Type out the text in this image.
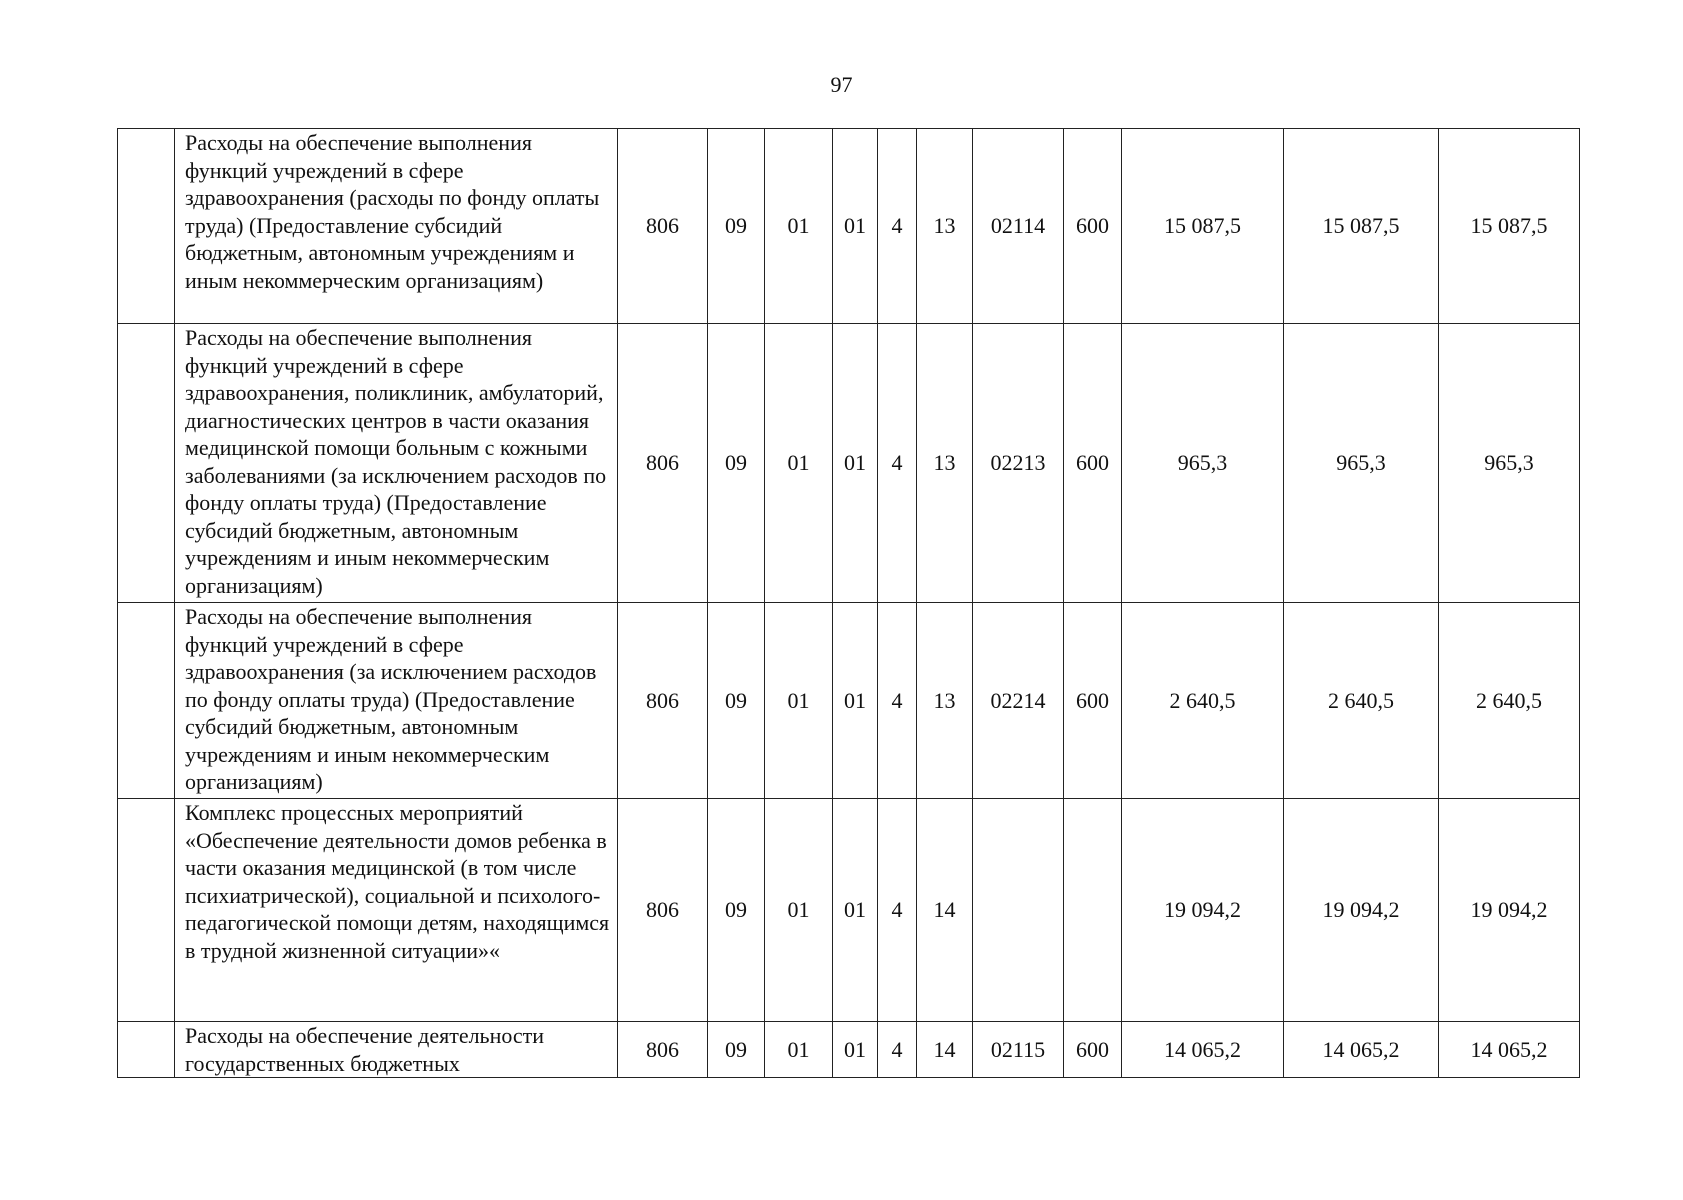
97
	Расходы на обеспечение выполнения функций учреждений в сфере здравоохранения (расходы по фонду оплаты труда) (Предоставление субсидий бюджетным, автономным учреждениям и иным некоммерческим организациям)	806	09	01	01	4	13	02114	600	15 087,5	15 087,5	15 087,5
	Расходы на обеспечение выполнения функций учреждений в сфере здравоохранения, поликлиник, амбулаторий, диагностических центров в части оказания медицинской помощи больным с кожными заболеваниями (за исключением расходов по фонду оплаты труда) (Предоставление субсидий бюджетным, автономным учреждениям и иным некоммерческим организациям)	806	09	01	01	4	13	02213	600	965,3	965,3	965,3
	Расходы на обеспечение выполнения функций учреждений в сфере здравоохранения (за исключением расходов по фонду оплаты труда) (Предоставление субсидий бюджетным, автономным учреждениям и иным некоммерческим организациям)	806	09	01	01	4	13	02214	600	2 640,5	2 640,5	2 640,5
	Комплекс процессных мероприятий «Обеспечение деятельности домов ребенка в части оказания медицинской (в том числе психиатрической), социальной и психолого-педагогической помощи детям, находящимся в трудной жизненной ситуации»«	806	09	01	01	4	14			19 094,2	19 094,2	19 094,2
	Расходы на обеспечение деятельности государственных бюджетных	806	09	01	01	4	14	02115	600	14 065,2	14 065,2	14 065,2
